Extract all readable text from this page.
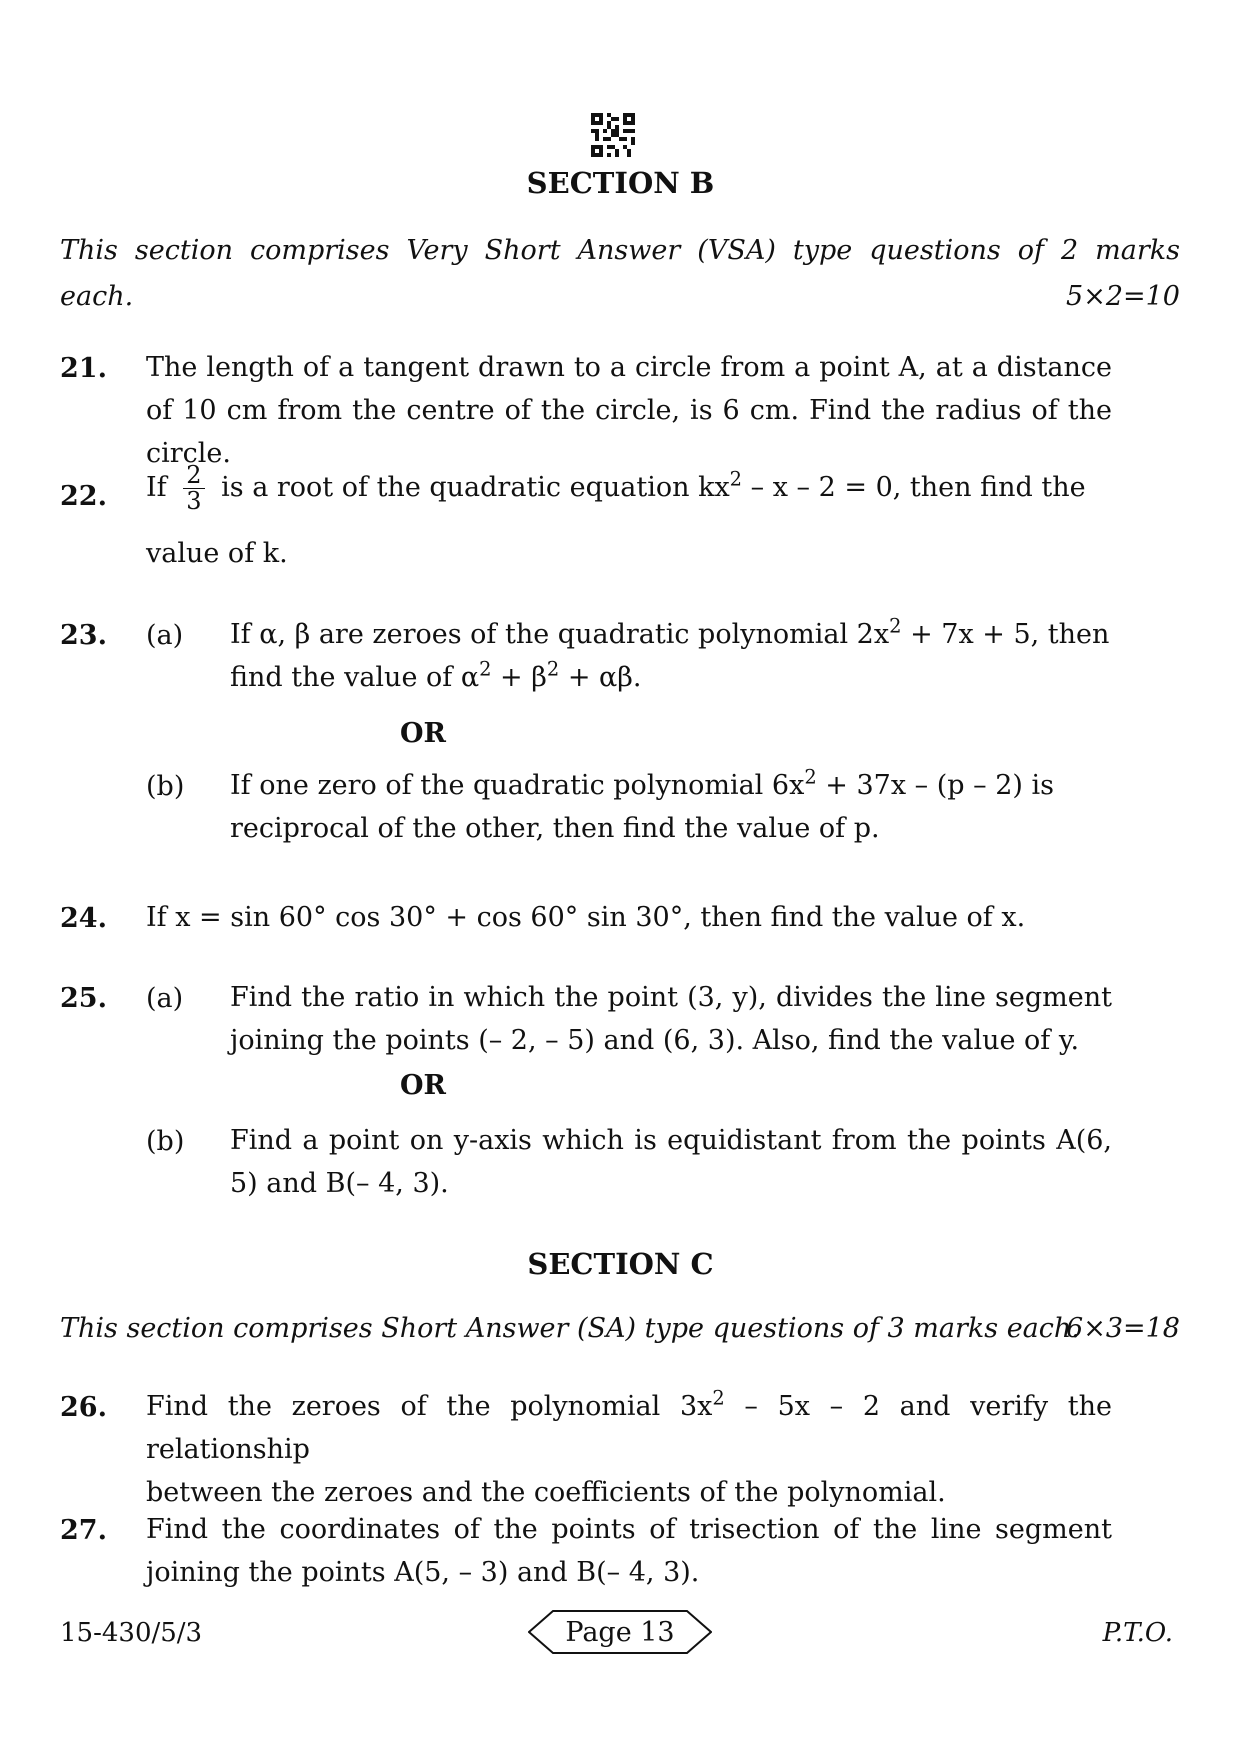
SECTION B
This section comprises Very Short Answer (VSA) type questions of 2 marks
each.	5×2=10
21. The length of a tangent drawn to a circle from a point A, at a distance of 10 cm from the centre of the circle, is 6 cm. Find the radius of the circle.
22. If $\frac{2}{3}$ is a root of the quadratic equation $kx^2 - x - 2 = 0$, then find the
value of k.
23. (a) If α, β are zeroes of the quadratic polynomial $2x^2 + 7x + 5$, then
find the value of $\alpha^2 + \beta^2 + \alpha\beta$.
OR
(b) If one zero of the quadratic polynomial $6x^2 + 37x - (p - 2)$ is
reciprocal of the other, then find the value of p.
24. If x = sin 60° cos 30° + cos 60° sin 30°, then find the value of x.
25. (a) Find the ratio in which the point (3, y), divides the line segment joining the points (– 2, – 5) and (6, 3). Also, find the value of y.
OR
(b) Find a point on y-axis which is equidistant from the points A(6, 5) and B(– 4, 3).
SECTION C
This section comprises Short Answer (SA) type questions of 3 marks each.
6×3=18
26. Find the zeroes of the polynomial $3x^2 - 5x - 2$ and verify the relationship
between the zeroes and the coefficients of the polynomial.
27. Find the coordinates of the points of trisection of the line segment joining the points A(5, – 3) and B(– 4, 3).
15-430/5/3	Page 13	P.T.O.
